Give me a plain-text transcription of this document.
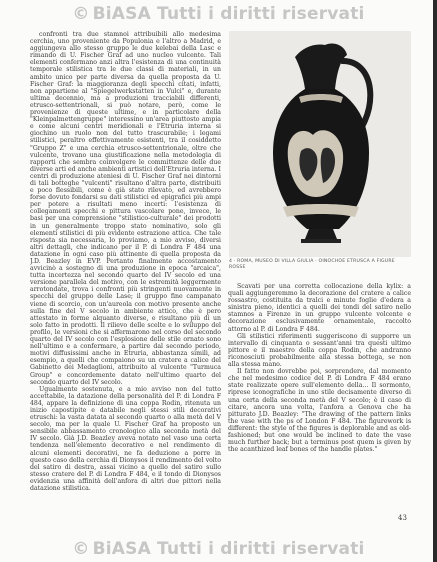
© BiASA Tutti i diritti riservati

confronti tra due stamnoi attribuibili allo medesima cerchia, uno proveniente da Populonia e l'altro a Madrid, e aggiungeva allo stesso gruppo le due kelebai della Lasc e rimando di U. Fischer Graf ad uno nucleo vulcente. Tali elementi confermano anzi altra l'esistenza di una continuità temporale stilistica tra le due classi di materiali, in un ambito unico per parte diversa da quella proposta da U. Fischer Graf: la maggioranza degli specchi citati, infatti, non appartiene al "Spiegelwerkstatten in Vulci" e, durante ultima decennio, ma a produzioni tracciabili differenti, etrusco-settentrionali, si può notare, però, come le provenienze di queste ultime, e in particolare della "Kleinpalmettengruppe" interessino un'area piuttosto ampia e come alcuni centri meridionali e l'Etruria interna si giochino un ruolo non del tutto trascurabile; i legami stilistici, peraltro effettivamente esistenti, tra il cosiddetto "Gruppo Z" e una cerchia etrusco-settentrionale, oltre che vulcente, trovano una giustificazione nella metodologia di rapporti che sembra coinvolgere le committenze delle due diverse arti ed anche ambienti artistici dell'Etruria interna. I centri di produzione ateniesi di U. Fischer Graf nei dintorni di tali botteghe "vulcenti" risultano d'altra parte, distribuiti e poco flessibili, come è già stato rilevato, ed avrebbero forse dovuto fondarsi su dati stilistici ed epigrafici più ampi per potere a risultati meno incerti: l'esistenza di collegamenti specchi e pittura vascolare pone, invece, le basi per una comprensione "stilistico-culturale" dei prodotti in un generalmente troppo stato nominativo, solo gli elementi stilistici di più evidente estrazione attica. Che tale risposta sia necessaria, lo proviamo, a mio avviso, diversi altri dettagli, che indicano per il P. di Londra F 484 una datazione in ogni caso più attinente di quella proposta da J.D. Beazley in EVP. Pertanto finalmente accostamento avvicinò a sostegno di una produzione in epoca "arcaica", tutta incertezza nel secondo quarto del IV secolo ed una versione parallela del motivo, con le estremità leggermente arrotondate, trova i confronti più stringenti nuovamente in specchi del gruppo delle Lase; il gruppo fine campanato viene di scorcio, con un'aureola con motivo presente anche sulla fine del V secolo in ambiente attico, che è pero attestato in forme alquanto diverse, e risultano più di un solo fatto in prodotti. Il rilievo delle scelte e lo sviluppo del profilo, le versioni che si affermarono nel corso del secondo quarto del IV secolo con l'esplosione delle stile ornato sono nell'ultimo e a confermare, a partire dal secondo periodo, motivi diffusissimi anche in Etruria, abbastanza simili, ad esempio, a quelli che compaiono su un cratere a calice del Gabinetto dei Medaglioni, attribuito al vulcente "Turmuca Group" e concordemente datato nell'ultimo quarto del secondo quarto del IV secolo.

Ugualmente sostenuta, e a mio avviso non del tutto accettabile, la datazione della personalità del P. di Londra F 484, appare la definizione di una coppa Rodin, ritenuta un inizio capostipite e databile negli stessi stili decorativi etruschi: la vasta datata al secondo quarto o alla metà del V secolo, ma per la quale U. Fischer Graf ha proposto un sensibile abbassamento cronologico alla seconda metà del IV secolo. Già J.D. Beazley aveva notato nel vaso una certa tendenza nell'elemento decorativo e nel rendimento di alcuni elementi decorativi, ne fa deduzione a porre in questo caso della cerchia di Dionysos il rendimento del volto del satiro di destra, assai vicino a quello del satiro sullo stesso cratere del P. di Londra F 484, e il tondo di Dionysos evidenzia una affinità dell'anfora di altri due pittori nella datazione stilistica.

4 · ROMA, MUSEO DI VILLA GIULIA · OINOCHOE ETRUSCA A FIGURE ROSSE

Scavati per una corretta collocazione della kylix: a quali aggiungeremmo la decorazione del cratere a calice rossastro, costituita da tralci e minute foglie d'edera a sinistra pieno, identici a quelli dei tondi del satiro nello stamnos a Firenze in un gruppo vulcente volcente e decorazione esclusivamente ornamentale, raccolto attorno al P. di Londra F 484.

Gli stilistici riferimenti suggeriscono di supporre un intervallo di cinquanta o sessant'anni tra questi ultimo pittore e il maestro della coppa Rodin, che andranno riconosciuti probabilmente alla stessa bottega, se non alla stessa mano.

Il fatto non dovrebbe poi, sorprendere, dal momento che nel medesimo codice del P. di Londra F 484 erano state realizzate opere sull'elemento della... Il sormonto, riprese iconografiche in uno stile decisamente diverso di una certa della seconda metà del V secolo; è il caso di citare, ancora una volta, l'anfora a Genova che ha pitturato J.D. Beazley: "The drawing of the pattern links the vase with the ps of London F 484. The figurework is different: the style of the figures is deplorable and as old-fashioned; but one would be inclined to date the vase much further back; but a terminus post quem is given by the acanthized leaf bones of the handle plates."

43
© BiASA Tutti i diritti riservati
